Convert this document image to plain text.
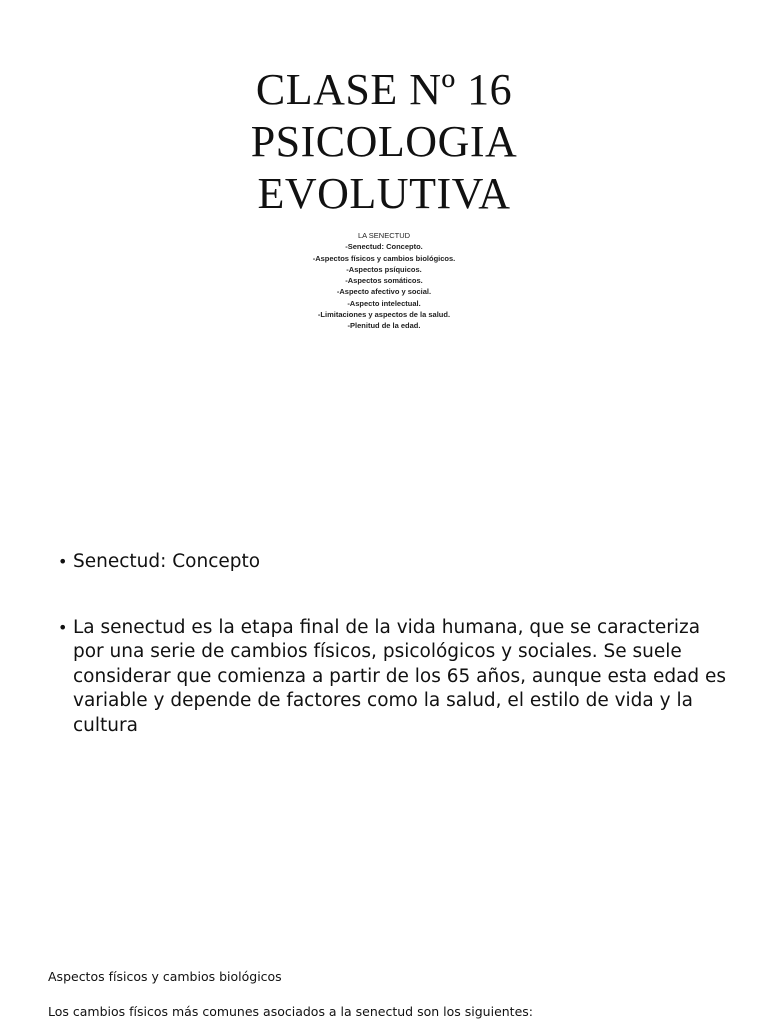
CLASE Nº 16
PSICOLOGIA
EVOLUTIVA
LA SENECTUD
-Senectud: Concepto.
-Aspectos físicos y cambios biológicos.
-Aspectos psíquicos.
-Aspectos somáticos.
-Aspecto afectivo y social.
-Aspecto intelectual.
-Limitaciones y aspectos de la salud.
-Plenitud de la edad.
• Senectud: Concepto
• La senectud es la etapa final de la vida humana, que se caracteriza por una serie de cambios físicos, psicológicos y sociales. Se suele considerar que comienza a partir de los 65 años, aunque esta edad es variable y depende de factores como la salud, el estilo de vida y la cultura
Aspectos físicos y cambios biológicos
Los cambios físicos más comunes asociados a la senectud son los siguientes:
